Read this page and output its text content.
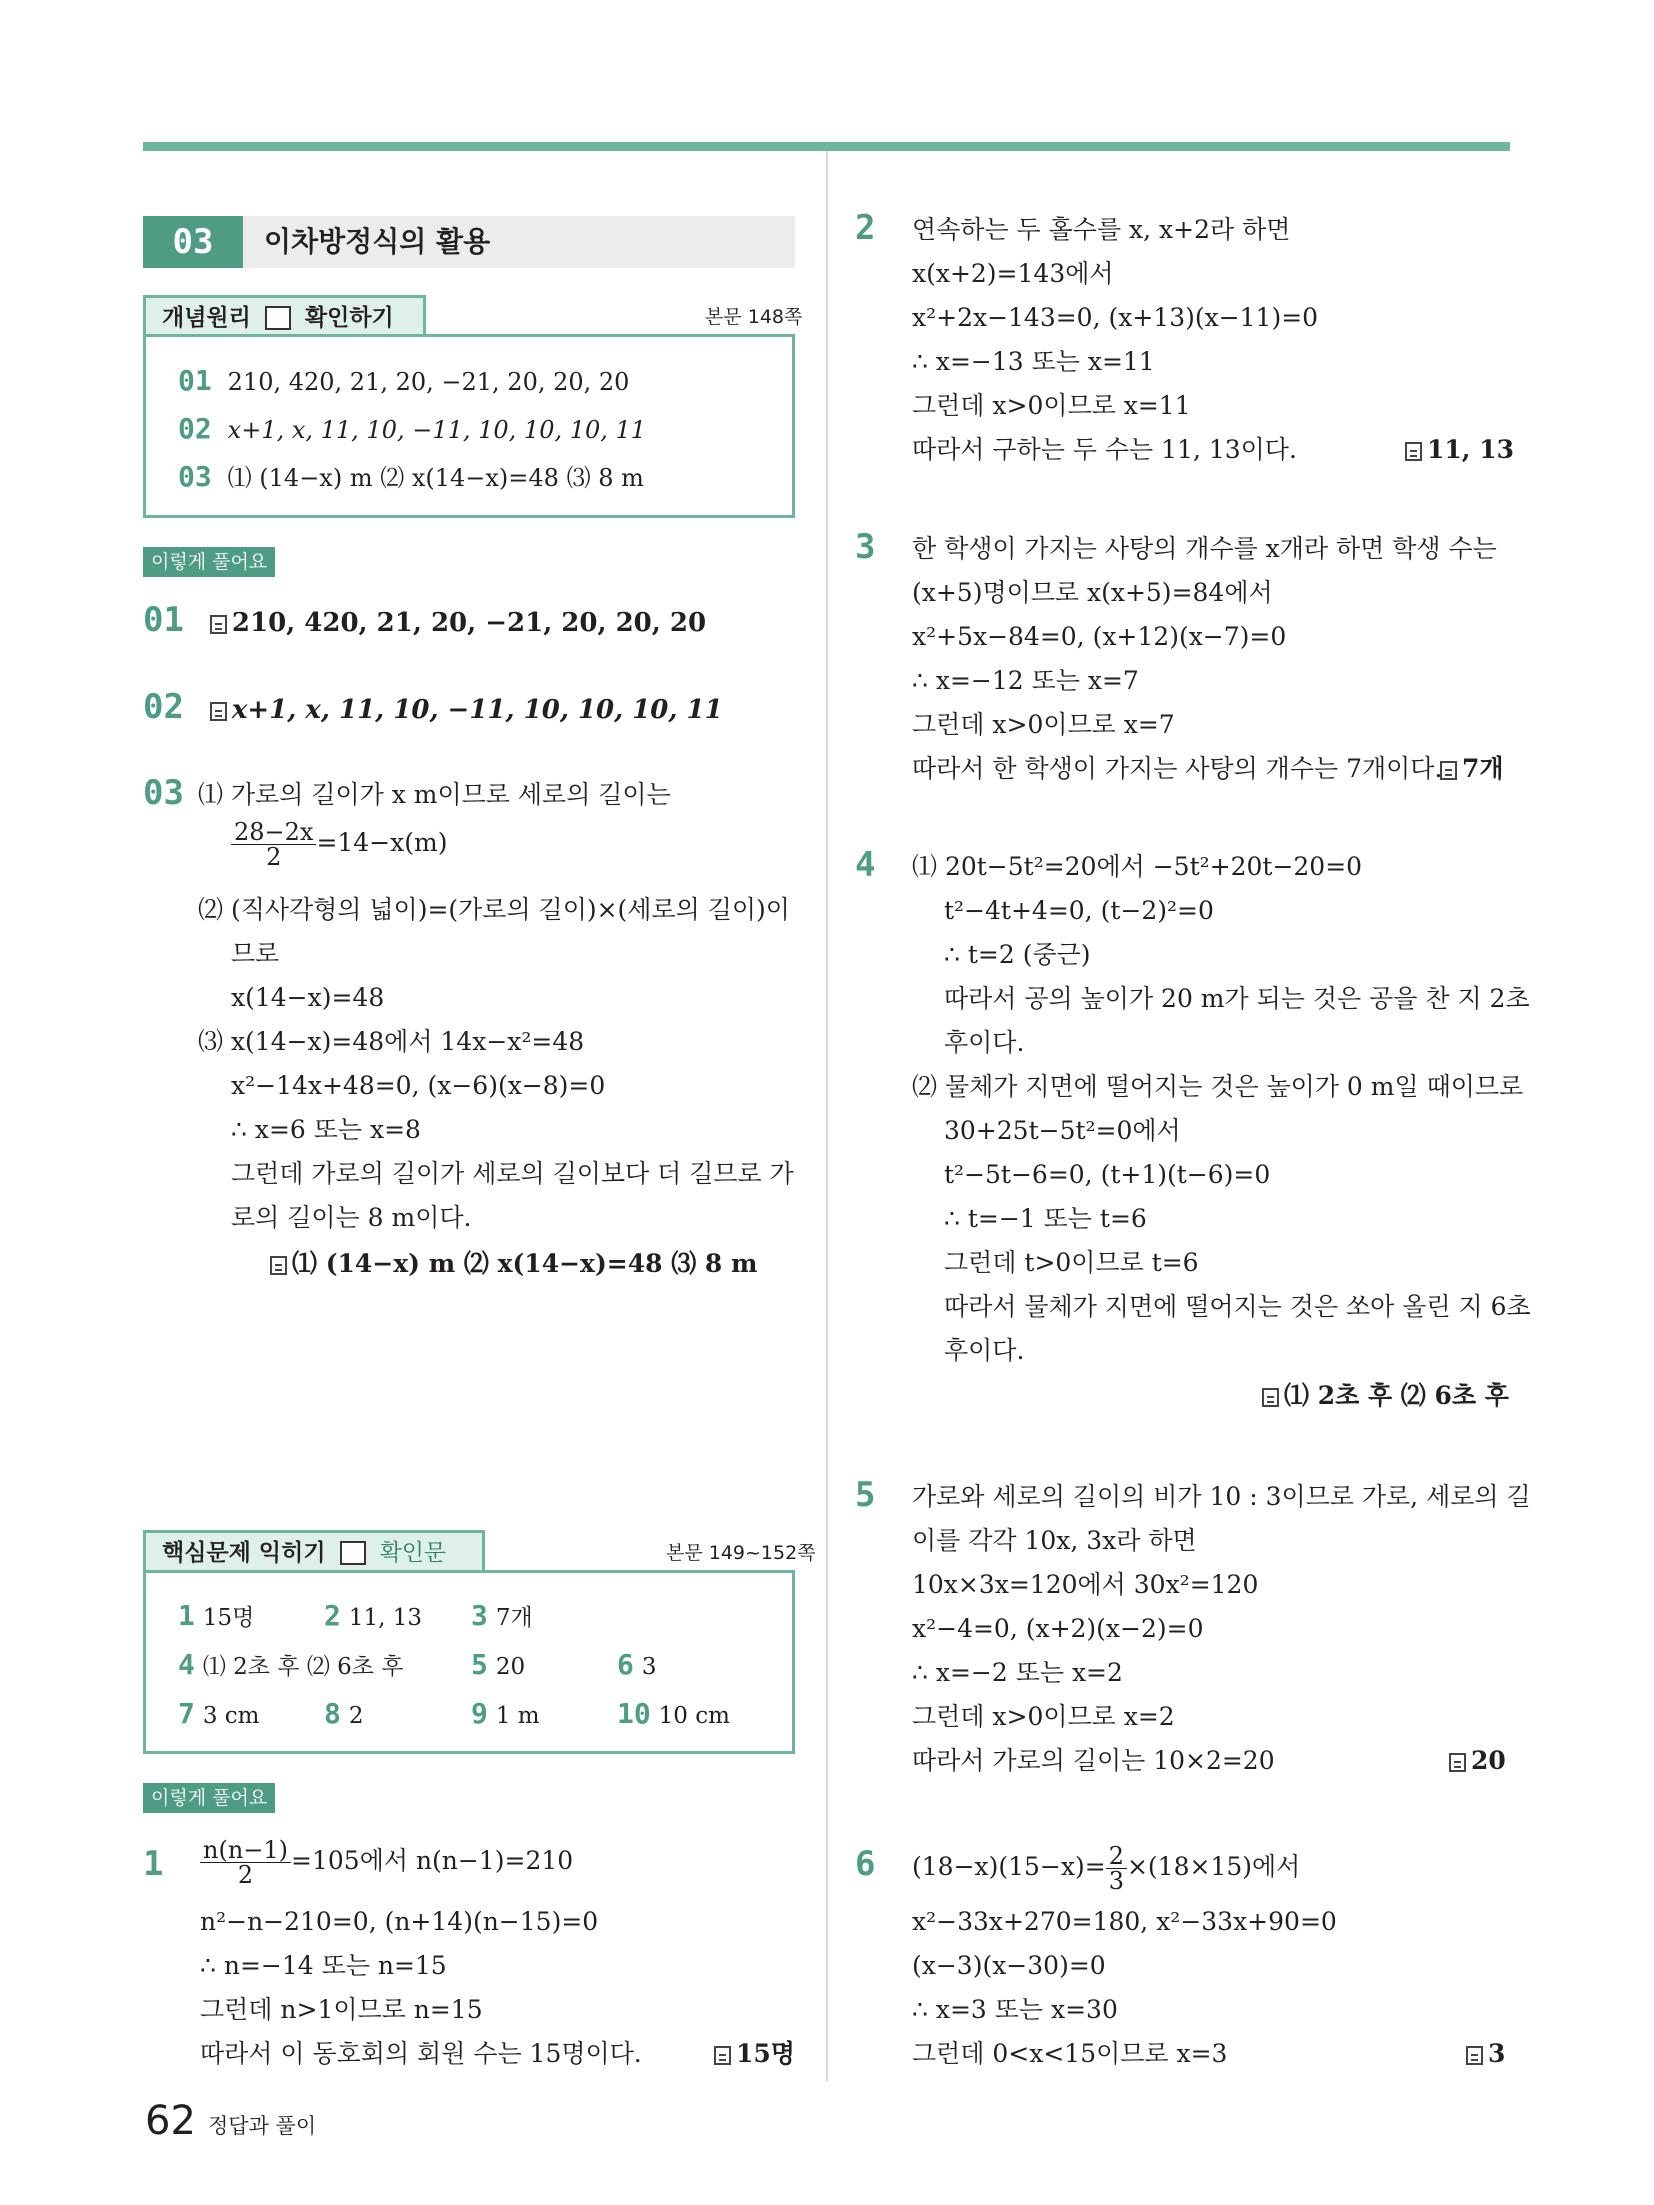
03	이차방정식의 활용
개념원리 확인하기	본문 148쪽
01 210, 420, 21, 20, −21, 20, 20, 20
02 x+1, x, 11, 10, −11, 10, 10, 10, 11
03 ⑴ (14−x) m ⑵ x(14−x)=48 ⑶ 8 m
이렇게 풀어요
01 210, 420, 21, 20, −21, 20, 20, 20
02 x+1, x, 11, 10, −11, 10, 10, 10, 11
03 ⑴ 가로의 길이가 x m이므로 세로의 길이는
$\frac{28-2x}{2} =14-x(m)$
⑵ (직사각형의 넓이)=(가로의 길이)×(세로의 길이)이
므로
x(14−x)=48
⑶ x(14−x)=48에서 14x−x²=48
x²−14x+48=0, (x−6)(x−8)=0
∴ x=6 또는 x=8
그런데 가로의 길이가 세로의 길이보다 더 길므로 가
로의 길이는 8 m이다.
⑴ (14−x) m ⑵ x(14−x)=48 ⑶ 8 m
핵심문제 익히기 확인문	본문 149~152쪽
1 15명 2 11, 13 3 7개
4 ⑴ 2초 후 ⑵ 6초 후 5 20	6 3
7 3 cm 8 2	9 1 m	10 10 cm
이렇게 풀어요
$1 \frac{n(n-1)}{2} =105$에서 n(n−1)=210
n²−n−210=0, (n+14)(n−15)=0
∴ n=−14 또는 n=15
그런데 n>1이므로 n=15
따라서 이 동호회의 회원 수는 15명이다.	15명
2 연속하는 두 홀수를 x, x+2라 하면
x(x+2)=143에서
x²+2x−143=0, (x+13)(x−11)=0
∴ x=−13 또는 x=11
그런데 x>0이므로 x=11
따라서 구하는 두 수는 11, 13이다.	11, 13
3 한 학생이 가지는 사탕의 개수를 x개라 하면 학생 수는
(x+5)명이므로 x(x+5)=84에서
x²+5x−84=0, (x+12)(x−7)=0
∴ x=−12 또는 x=7
그런데 x>0이므로 x=7
따라서 한 학생이 가지는 사탕의 개수는 7개이다. 7개
4 ⑴ 20t−5t²=20에서 −5t²+20t−20=0
t²−4t+4=0, (t−2)²=0
∴ t=2 (중근)
따라서 공의 높이가 20 m가 되는 것은 공을 찬 지 2초
후이다.
⑵ 물체가 지면에 떨어지는 것은 높이가 0 m일 때이므로
30+25t−5t²=0에서
t²−5t−6=0, (t+1)(t−6)=0
∴ t=−1 또는 t=6
그런데 t>0이므로 t=6
따라서 물체가 지면에 떨어지는 것은 쏘아 올린 지 6초
후이다.
⑴ 2초 후 ⑵ 6초 후
5 가로와 세로의 길이의 비가 10 : 3이므로 가로, 세로의 길
이를 각각 10x, 3x라 하면
10x×3x=120에서 30x²=120
x²−4=0, (x+2)(x−2)=0
∴ x=−2 또는 x=2
그런데 x>0이므로 x=2
따라서 가로의 길이는 10×2=20	20
6 $(18-x)(15-x)= \frac{2}{3} \times(18\times 15)$에서
x²−33x+270=180, x²−33x+90=0
(x−3)(x−30)=0
∴ x=3 또는 x=30
그런데 0<x<15이므로 x=3	3
62 정답과 풀이
